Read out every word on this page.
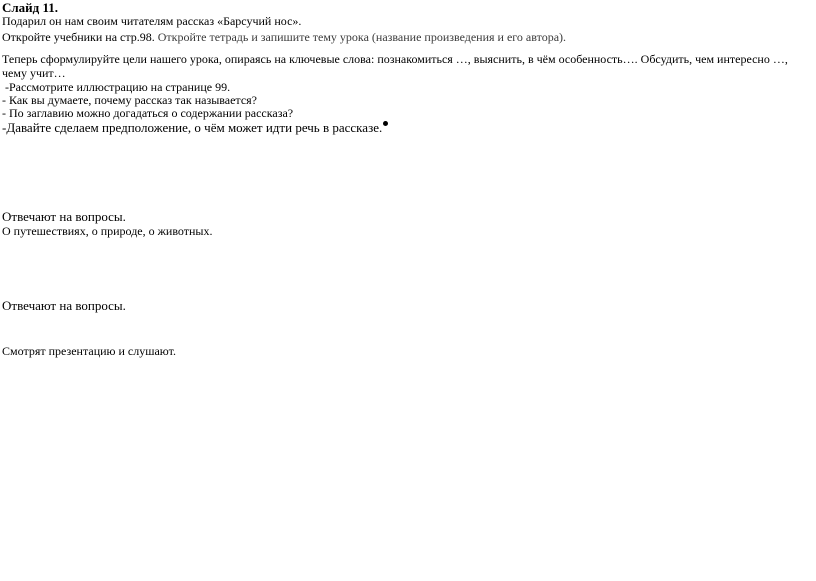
Слайд 11.
Подарил он нам своим читателям рассказ «Барсучий нос».
Откройте учебники на стр.98. Откройте тетрадь и запишите тему урока (название произведения и его автора).
Теперь сформулируйте цели нашего урока, опираясь на ключевые слова: познакомиться …, выяснить, в чём особенность…. Обсудить, чем интересно …, чему учит…
-Рассмотрите иллюстрацию на странице 99.
- Как вы думаете, почему рассказ так называется?
- По заглавию можно догадаться о содержании рассказа?
-Давайте сделаем предположение, о чём может идти речь в рассказе.
Отвечают на вопросы.
О путешествиях, о природе, о животных.
Отвечают на вопросы.
Смотрят презентацию и слушают.
